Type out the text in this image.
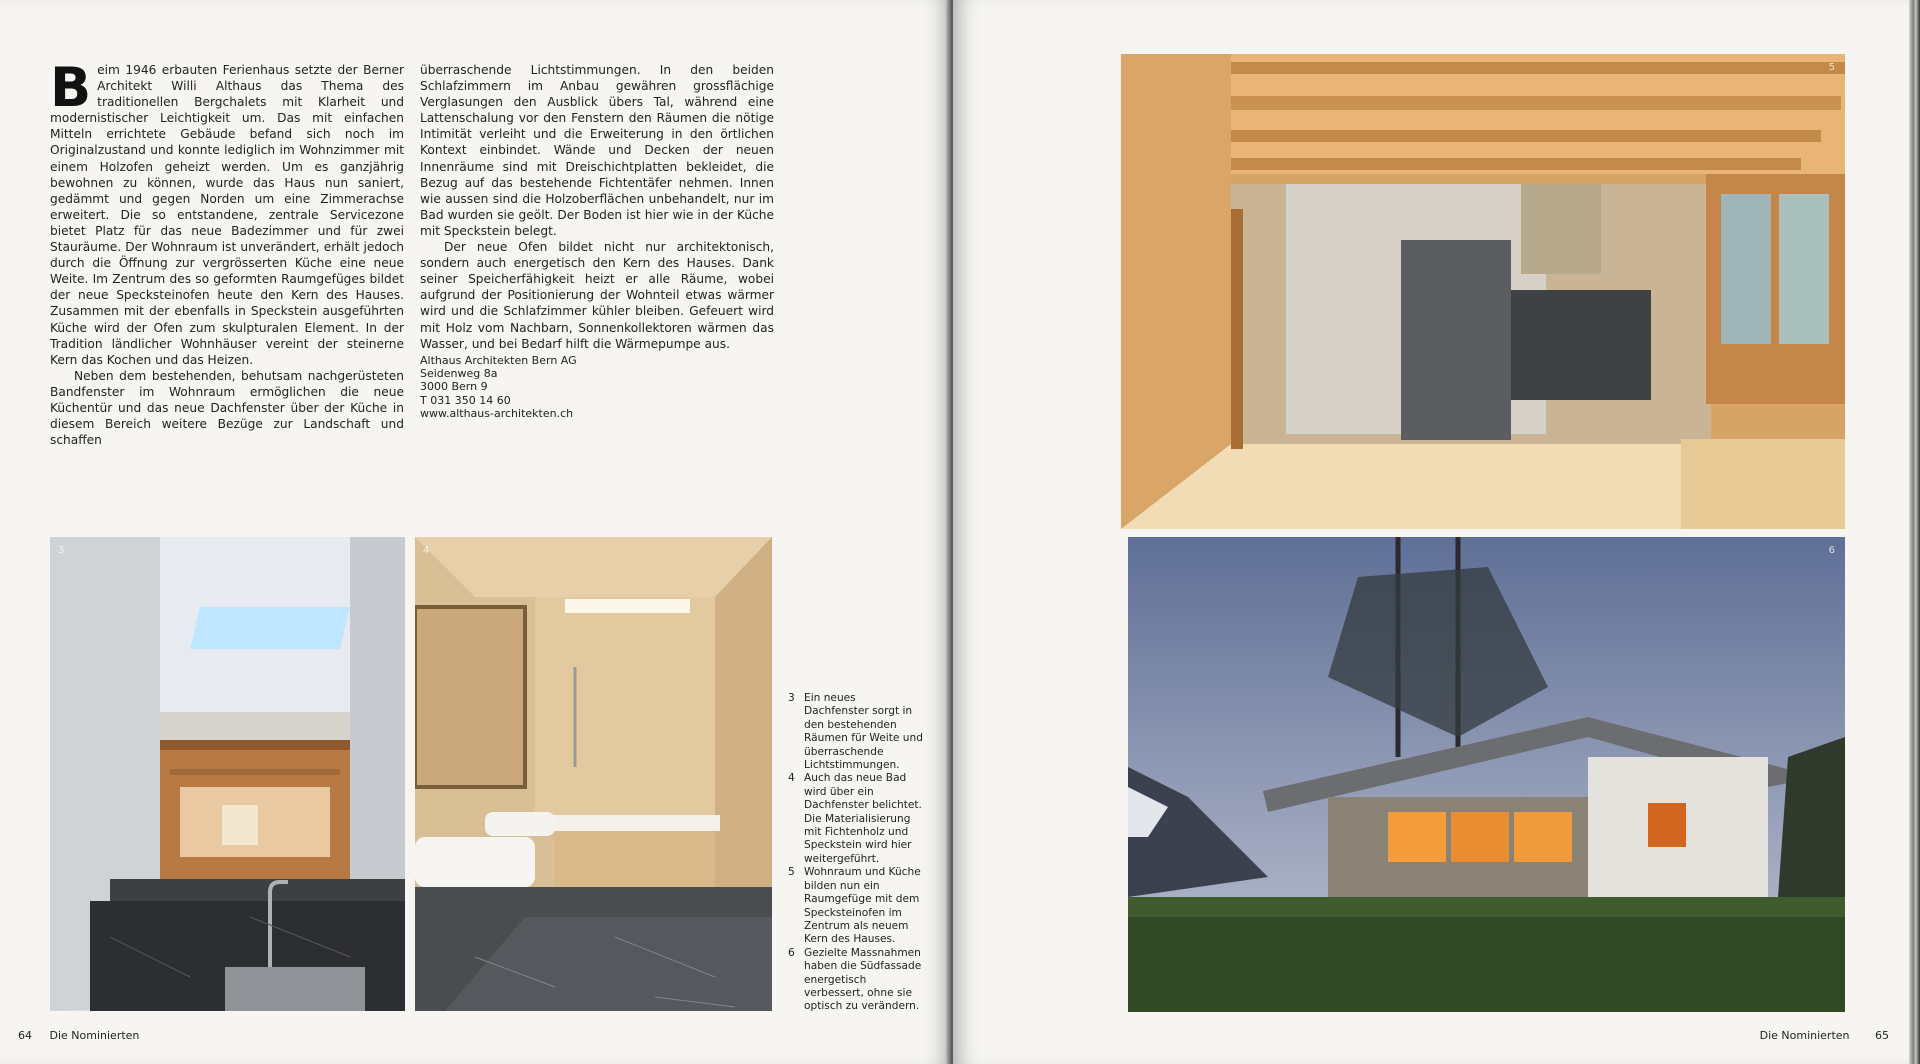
Beim 1946 erbauten Ferienhaus setzte der Berner Architekt Willi Althaus das Thema des traditionellen Bergchalets mit Klarheit und modernistischer Leichtigkeit um. Das mit einfachen Mitteln errichtete Gebäude befand sich noch im Originalzustand und konnte lediglich im Wohnzimmer mit einem Holzofen geheizt werden. Um es ganzjährig bewohnen zu können, wurde das Haus nun saniert, gedämmt und gegen Norden um eine Zimmerachse erweitert. Die so entstandene, zentrale Servicezone bietet Platz für das neue Badezimmer und für zwei Stauräume. Der Wohnraum ist unverändert, erhält jedoch durch die Öffnung zur vergrösserten Küche eine neue Weite. Im Zentrum des so geformten Raumgefüges bildet der neue Specksteinofen heute den Kern des Hauses. Zusammen mit der ebenfalls in Speckstein ausgeführten Küche wird der Ofen zum skulpturalen Element. In der Tradition ländlicher Wohnhäuser vereint der steinerne Kern das Kochen und das Heizen.

Neben dem bestehenden, behutsam nachgerüsteten Bandfenster im Wohnraum ermöglichen die neue Küchentür und das neue Dachfenster über der Küche in diesem Bereich weitere Bezüge zur Landschaft und schaffen

überraschende Lichtstimmungen. In den beiden Schlafzimmern im Anbau gewähren grossflächige Verglasungen den Ausblick übers Tal, während eine Lattenschalung vor den Fenstern den Räumen die nötige Intimität verleiht und die Erweiterung in den örtlichen Kontext einbindet. Wände und Decken der neuen Innenräume sind mit Dreischichtplatten bekleidet, die Bezug auf das bestehende Fichtentäfer nehmen. Innen wie aussen sind die Holzoberflächen unbehandelt, nur im Bad wurden sie geölt. Der Boden ist hier wie in der Küche mit Speckstein belegt.

Der neue Ofen bildet nicht nur architektonisch, sondern auch energetisch den Kern des Hauses. Dank seiner Speicherfähigkeit heizt er alle Räume, wobei aufgrund der Positionierung der Wohnteil etwas wärmer wird und die Schlafzimmer kühler bleiben. Gefeuert wird mit Holz vom Nachbarn, Sonnenkollektoren wärmen das Wasser, und bei Bedarf hilft die Wärmepumpe aus.

Althaus Architekten Bern AG
Seidenweg 8a
3000 Bern 9
T 031 350 14 60
www.althaus-architekten.ch
3	4
3 Ein neues Dachfenster sorgt in den bestehenden Räumen für Weite und überraschende Lichtstimmungen.
4 Auch das neue Bad wird über ein Dachfenster belichtet. Die Materialisierung mit Fichtenholz und Speckstein wird hier weitergeführt.
5 Wohnraum und Küche bilden nun ein Raumgefüge mit dem Specksteinofen im Zentrum als neuem Kern des Hauses.
6 Gezielte Massnahmen haben die Südfassade energetisch verbessert, ohne sie optisch zu verändern.
64 Die Nominierten
5
6
Die Nominierten 65
